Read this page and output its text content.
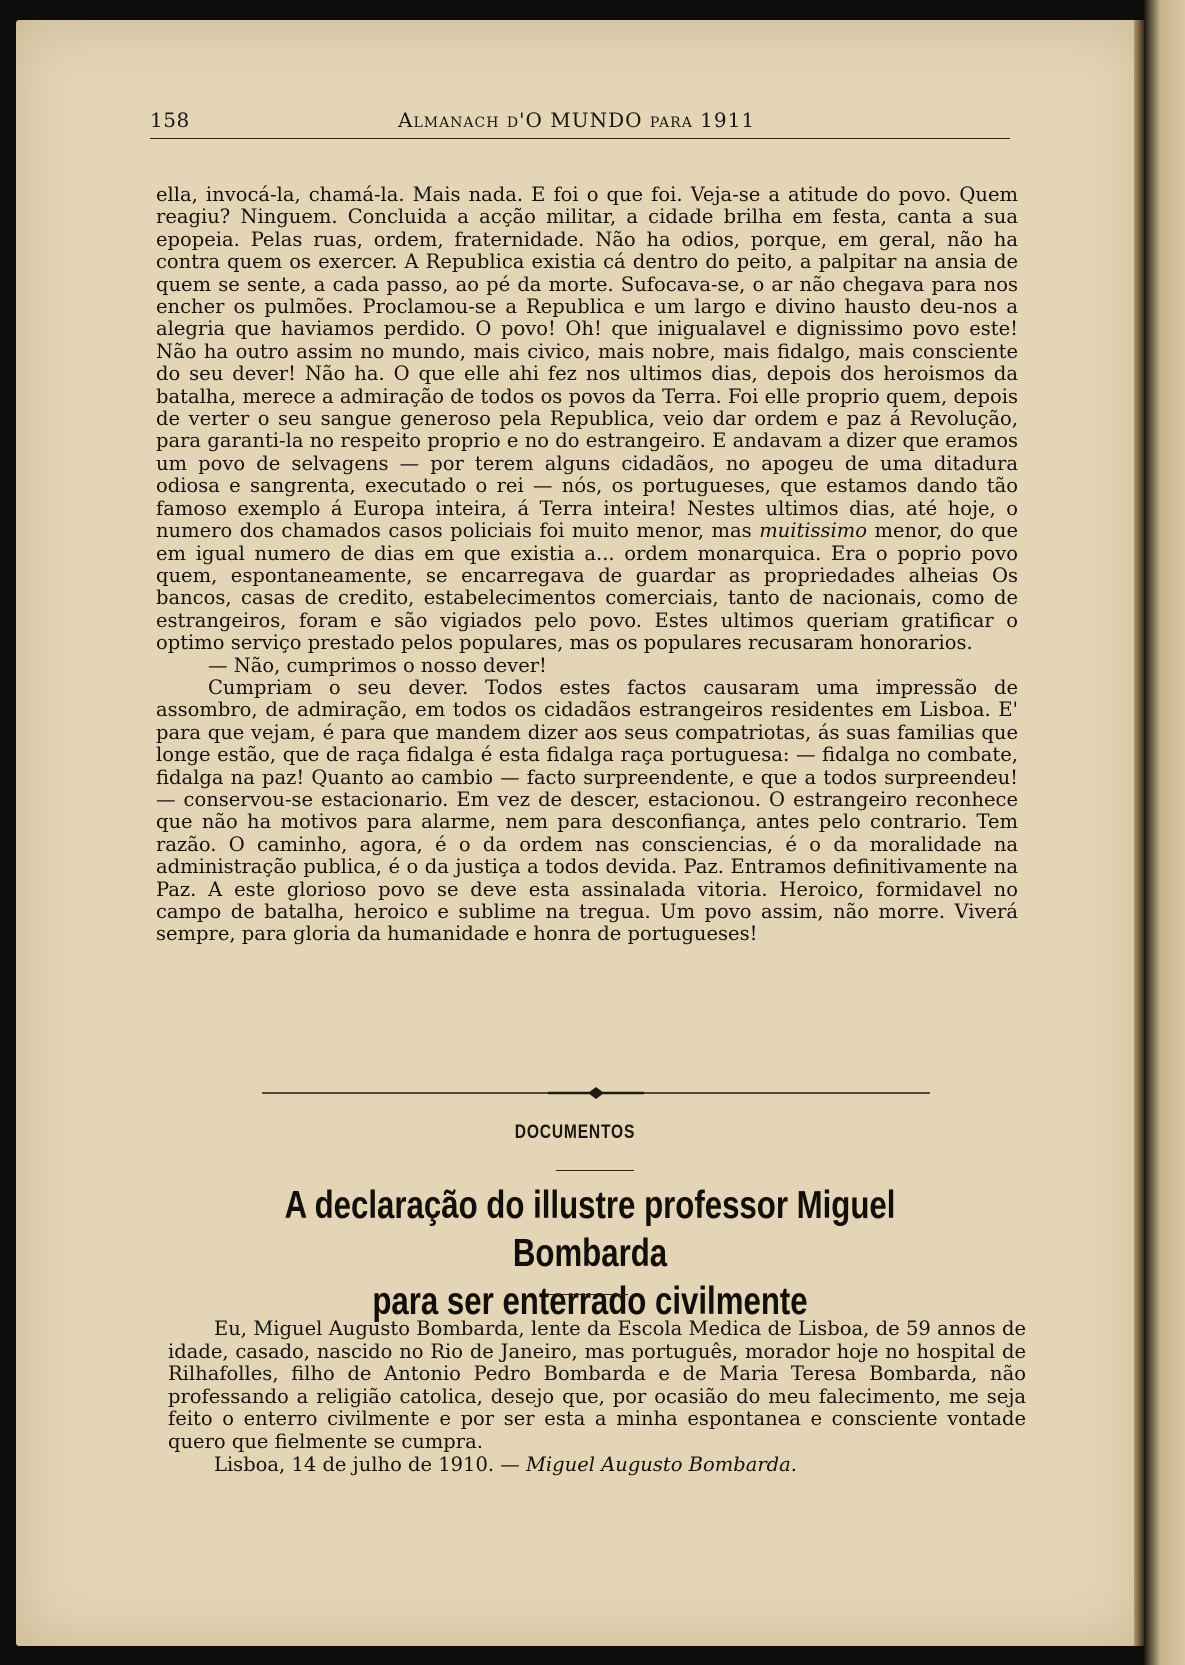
158	Almanach d'O MUNDO para 1911

ella, invocá-la, chamá-la. Mais nada. E foi o que foi. Veja-se a atitude do povo. Quem reagiu? Ninguem. Concluida a acção militar, a cidade brilha em festa, canta a sua epopeia. Pelas ruas, ordem, fraternidade. Não ha odios, porque, em geral, não ha contra quem os exercer. A Republica existia cá dentro do peito, a palpitar na ansia de quem se sente, a cada passo, ao pé da morte. Sufocava-se, o ar não chegava para nos encher os pulmões. Proclamou-se a Republica e um largo e divino hausto deu-nos a alegria que haviamos perdido. O povo! Oh! que inigualavel e dignissimo povo este! Não ha outro assim no mundo, mais civico, mais nobre, mais fidalgo, mais consciente do seu dever! Não ha. O que elle ahi fez nos ultimos dias, depois dos heroismos da batalha, merece a admiração de todos os povos da Terra. Foi elle proprio quem, depois de verter o seu sangue generoso pela Republica, veio dar ordem e paz á Revolução, para garanti-la no respeito proprio e no do estrangeiro. E andavam a dizer que eramos um povo de selvagens — por terem alguns cidadãos, no apogeu de uma ditadura odiosa e sangrenta, executado o rei — nós, os portugueses, que estamos dando tão famoso exemplo á Europa inteira, á Terra inteira! Nestes ultimos dias, até hoje, o numero dos chamados casos policiais foi muito menor, mas muitissimo menor, do que em igual numero de dias em que existia a... ordem monarquica. Era o poprio povo quem, espontaneamente, se encarregava de guardar as propriedades alheias Os bancos, casas de credito, estabelecimentos comerciais, tanto de nacionais, como de estrangeiros, foram e são vigiados pelo povo. Estes ultimos queriam gratificar o optimo serviço prestado pelos populares, mas os populares recusaram honorarios.

— Não, cumprimos o nosso dever!

Cumpriam o seu dever. Todos estes factos causaram uma impressão de assombro, de admiração, em todos os cidadãos estrangeiros residentes em Lisboa. E' para que vejam, é para que mandem dizer aos seus compatriotas, ás suas familias que longe estão, que de raça fidalga é esta fidalga raça portuguesa: — fidalga no combate, fidalga na paz! Quanto ao cambio — facto surpreendente, e que a todos surpreendeu! — conservou-se estacionario. Em vez de descer, estacionou. O estrangeiro reconhece que não ha motivos para alarme, nem para desconfiança, antes pelo contrario. Tem razão. O caminho, agora, é o da ordem nas consciencias, é o da moralidade na administração publica, é o da justiça a todos devida. Paz. Entramos definitivamente na Paz. A este glorioso povo se deve esta assinalada vitoria. Heroico, formidavel no campo de batalha, heroico e sublime na tregua. Um povo assim, não morre. Viverá sempre, para gloria da humanidade e honra de portugueses!

DOCUMENTOS
A declaração do illustre professor Miguel Bombarda
para ser enterrado civilmente

Eu, Miguel Augusto Bombarda, lente da Escola Medica de Lisboa, de 59 annos de idade, casado, nascido no Rio de Janeiro, mas português, morador hoje no hospital de Rilhafolles, filho de Antonio Pedro Bombarda e de Maria Teresa Bombarda, não professando a religião catolica, desejo que, por ocasião do meu falecimento, me seja feito o enterro civilmente e por ser esta a minha espontanea e consciente vontade quero que fielmente se cumpra.

Lisboa, 14 de julho de 1910. — Miguel Augusto Bombarda.
